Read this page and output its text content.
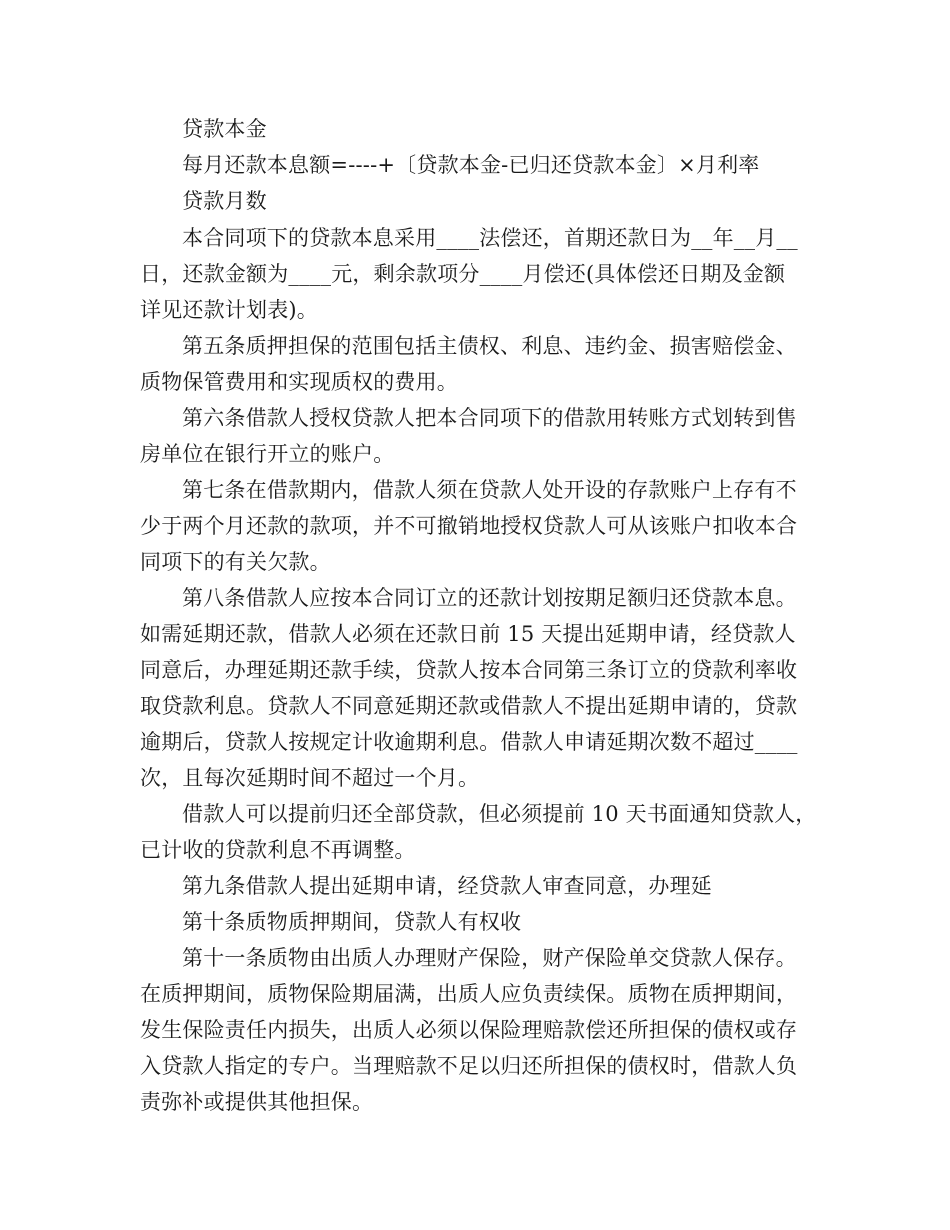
贷款本金
每月还款本息额=----+〔贷款本金-已归还贷款本金〕×月利率
贷款月数
本合同项下的贷款本息采用____法偿还，首期还款日为__年__月__
日，还款金额为____元，剩余款项分____月偿还(具体偿还日期及金额
详见还款计划表)。
第五条质押担保的范围包括主债权、利息、违约金、损害赔偿金、
质物保管费用和实现质权的费用。
第六条借款人授权贷款人把本合同项下的借款用转账方式划转到售
房单位在银行开立的账户。
第七条在借款期内，借款人须在贷款人处开设的存款账户上存有不
少于两个月还款的款项，并不可撤销地授权贷款人可从该账户扣收本合
同项下的有关欠款。
第八条借款人应按本合同订立的还款计划按期足额归还贷款本息。
如需延期还款，借款人必须在还款日前 15 天提出延期申请，经贷款人
同意后，办理延期还款手续，贷款人按本合同第三条订立的贷款利率收
取贷款利息。贷款人不同意延期还款或借款人不提出延期申请的，贷款
逾期后，贷款人按规定计收逾期利息。借款人申请延期次数不超过____
次，且每次延期时间不超过一个月。
借款人可以提前归还全部贷款，但必须提前 10 天书面通知贷款人，
已计收的贷款利息不再调整。
第九条借款人提出延期申请，经贷款人审查同意，办理延
第十条质物质押期间，贷款人有权收
第十一条质物由出质人办理财产保险，财产保险单交贷款人保存。
在质押期间，质物保险期届满，出质人应负责续保。质物在质押期间，
发生保险责任内损失，出质人必须以保险理赔款偿还所担保的债权或存
入贷款人指定的专户。当理赔款不足以归还所担保的债权时，借款人负
责弥补或提供其他担保。
